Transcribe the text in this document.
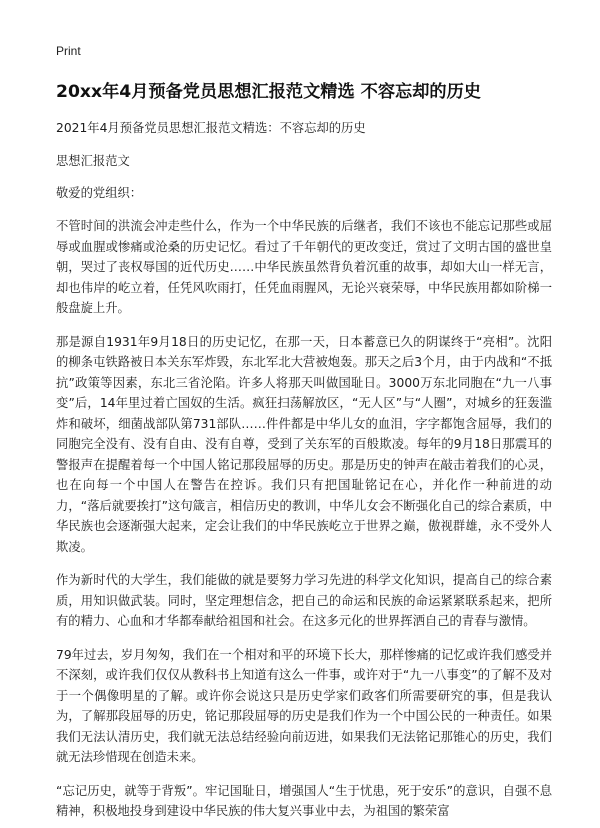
Print
20xx年4月预备党员思想汇报范文精选 不容忘却的历史

2021年4月预备党员思想汇报范文精选：不容忘却的历史

思想汇报范文

敬爱的党组织：

不管时间的洪流会冲走些什么，作为一个中华民族的后继者，我们不该也不能忘记那些或屈辱或血腥或惨痛或沧桑的历史记忆。看过了千年朝代的更改变迁，赏过了文明古国的盛世皇朝，哭过了丧权辱国的近代历史……中华民族虽然背负着沉重的故事，却如大山一样无言，却也伟岸的屹立着，任凭风吹雨打，任凭血雨腥风，无论兴衰荣辱，中华民族用都如阶梯一般盘旋上升。

那是源自1931年9月18日的历史记忆，在那一天，日本蓄意已久的阴谋终于“亮相”。沈阳的柳条屯铁路被日本关东军炸毁，东北军北大营被炮轰。那天之后3个月，由于内战和“不抵抗”政策等因素，东北三省沦陷。许多人将那天叫做国耻日。3000万东北同胞在“九一八事变”后，14年里过着亡国奴的生活。疯狂扫荡解放区，“无人区”与“人圈”，对城乡的狂轰滥炸和破坏，细菌战部队第731部队……件件都是中华儿女的血泪，字字都饱含屈辱，我们的同胞完全没有、没有自由、没有自尊，受到了关东军的百般欺凌。每年的9月18日那震耳的警报声在提醒着每一个中国人铭记那段屈辱的历史。那是历史的钟声在敲击着我们的心灵，也在向每一个中国人在警告在控诉。我们只有把国耻铭记在心，并化作一种前进的动力，“落后就要挨打”这句箴言，相信历史的教训，中华儿女会不断强化自己的综合素质，中华民族也会逐渐强大起来，定会让我们的中华民族屹立于世界之巅，傲视群雄，永不受外人欺凌。

作为新时代的大学生，我们能做的就是要努力学习先进的科学文化知识，提高自己的综合素质，用知识做武装。同时，坚定理想信念，把自己的命运和民族的命运紧紧联系起来，把所有的精力、心血和才华都奉献给祖国和社会。在这多元化的世界挥洒自己的青春与激情。

79年过去，岁月匆匆，我们在一个相对和平的环境下长大，那样惨痛的记忆或许我们感受并不深刻，或许我们仅仅从教科书上知道有这么一件事，或许对于“九一八事变”的了解不及对于一个偶像明星的了解。或许你会说这只是历史学家们政客们所需要研究的事，但是我认为，了解那段屈辱的历史，铭记那段屈辱的历史是我们作为一个中国公民的一种责任。如果我们无法认清历史，我们就无法总结经验向前迈进，如果我们无法铭记那锥心的历史，我们就无法珍惜现在创造未来。

“忘记历史，就等于背叛”。牢记国耻日，增强国人“生于忧患，死于安乐”的意识，自强不息精神，积极地投身到建设中华民族的伟大复兴事业中去，为祖国的繁荣富
